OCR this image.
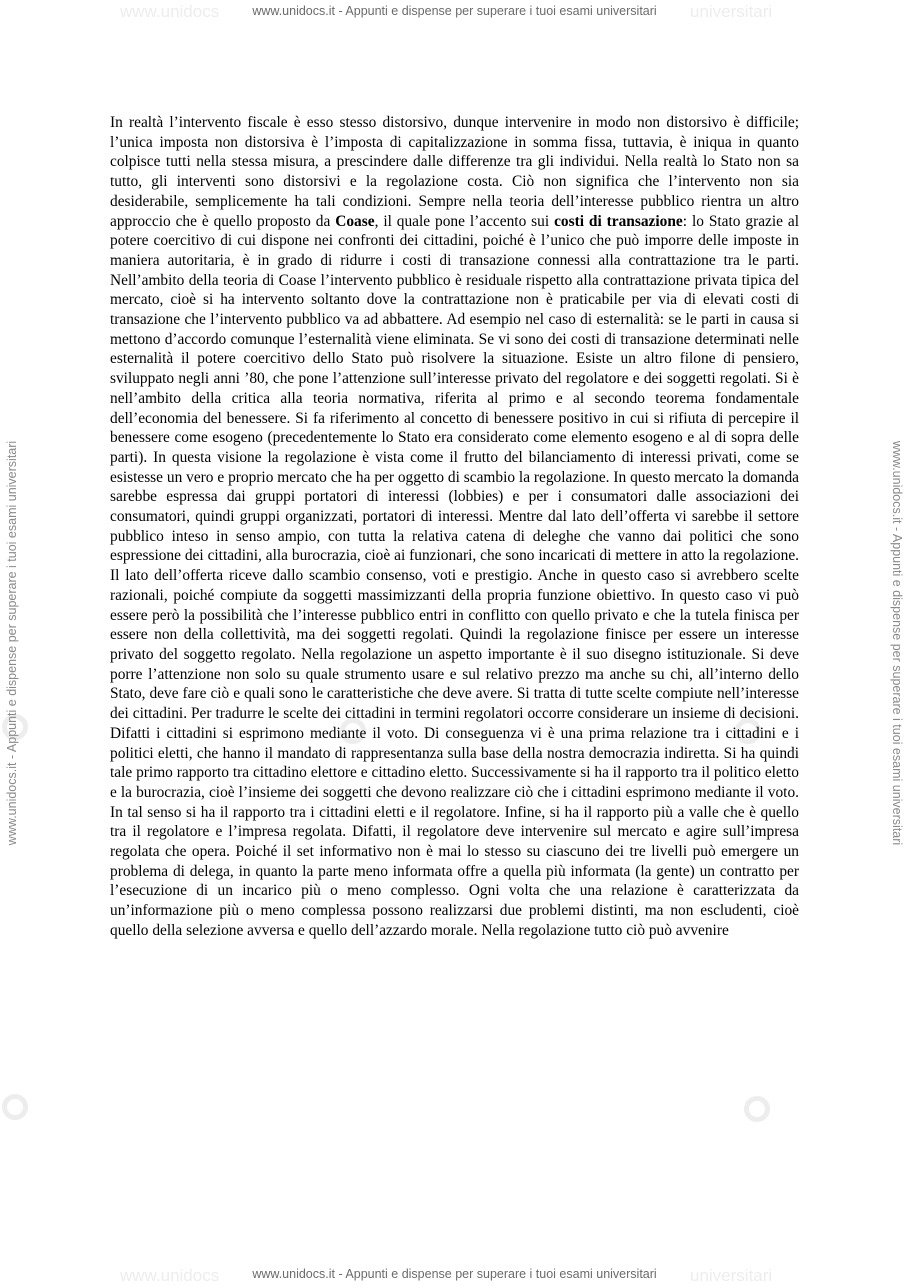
www.unidocs	universitari
www.unidocs	universitari
www.unidocs.it - Appunti e dispense per superare i tuoi esami universitari
www.unidocs.it - Appunti e dispense per superare i tuoi esami universitari
www.unidocs.it - Appunti e dispense per superare i tuoi esami universitari	www.unidocs.it - Appunti e dispense per superare i tuoi esami universitari

In realtà l’intervento fiscale è esso stesso distorsivo, dunque intervenire in modo non distorsivo è difficile; l’unica imposta non distorsiva è l’imposta di capitalizzazione in somma fissa, tuttavia, è iniqua in quanto colpisce tutti nella stessa misura, a prescindere dalle differenze tra gli individui. Nella realtà lo Stato non sa tutto, gli interventi sono distorsivi e la regolazione costa. Ciò non significa che l’intervento non sia desiderabile, semplicemente ha tali condizioni. Sempre nella teoria dell’interesse pubblico rientra un altro approccio che è quello proposto da Coase, il quale pone l’accento sui costi di transazione: lo Stato grazie al potere coercitivo di cui dispone nei confronti dei cittadini, poiché è l’unico che può imporre delle imposte in maniera autoritaria, è in grado di ridurre i costi di transazione connessi alla contrattazione tra le parti. Nell’ambito della teoria di Coase l’intervento pubblico è residuale rispetto alla contrattazione privata tipica del mercato, cioè si ha intervento soltanto dove la contrattazione non è praticabile per via di elevati costi di transazione che l’intervento pubblico va ad abbattere. Ad esempio nel caso di esternalità: se le parti in causa si mettono d’accordo comunque l’esternalità viene eliminata. Se vi sono dei costi di transazione determinati nelle esternalità il potere coercitivo dello Stato può risolvere la situazione. Esiste un altro filone di pensiero, sviluppato negli anni ’80, che pone l’attenzione sull’interesse privato del regolatore e dei soggetti regolati. Si è nell’ambito della critica alla teoria normativa, riferita al primo e al secondo teorema fondamentale dell’economia del benessere. Si fa riferimento al concetto di benessere positivo in cui si rifiuta di percepire il benessere come esogeno (precedentemente lo Stato era considerato come elemento esogeno e al di sopra delle parti). In questa visione la regolazione è vista come il frutto del bilanciamento di interessi privati, come se esistesse un vero e proprio mercato che ha per oggetto di scambio la regolazione. In questo mercato la domanda sarebbe espressa dai gruppi portatori di interessi (lobbies) e per i consumatori dalle associazioni dei consumatori, quindi gruppi organizzati, portatori di interessi. Mentre dal lato dell’offerta vi sarebbe il settore pubblico inteso in senso ampio, con tutta la relativa catena di deleghe che vanno dai politici che sono espressione dei cittadini, alla burocrazia, cioè ai funzionari, che sono incaricati di mettere in atto la regolazione. Il lato dell’offerta riceve dallo scambio consenso, voti e prestigio. Anche in questo caso si avrebbero scelte razionali, poiché compiute da soggetti massimizzanti della propria funzione obiettivo. In questo caso vi può essere però la possibilità che l’interesse pubblico entri in conflitto con quello privato e che la tutela finisca per essere non della collettività, ma dei soggetti regolati. Quindi la regolazione finisce per essere un interesse privato del soggetto regolato. Nella regolazione un aspetto importante è il suo disegno istituzionale. Si deve porre l’attenzione non solo su quale strumento usare e sul relativo prezzo ma anche su chi, all’interno dello Stato, deve fare ciò e quali sono le caratteristiche che deve avere. Si tratta di tutte scelte compiute nell’interesse dei cittadini. Per tradurre le scelte dei cittadini in termini regolatori occorre considerare un insieme di decisioni. Difatti i cittadini si esprimono mediante il voto. Di conseguenza vi è una prima relazione tra i cittadini e i politici eletti, che hanno il mandato di rappresentanza sulla base della nostra democrazia indiretta. Si ha quindi tale primo rapporto tra cittadino elettore e cittadino eletto. Successivamente si ha il rapporto tra il politico eletto e la burocrazia, cioè l’insieme dei soggetti che devono realizzare ciò che i cittadini esprimono mediante il voto. In tal senso si ha il rapporto tra i cittadini eletti e il regolatore. Infine, si ha il rapporto più a valle che è quello tra il regolatore e l’impresa regolata. Difatti, il regolatore deve intervenire sul mercato e agire sull’impresa regolata che opera. Poiché il set informativo non è mai lo stesso su ciascuno dei tre livelli può emergere un problema di delega, in quanto la parte meno informata offre a quella più informata (la gente) un contratto per l’esecuzione di un incarico più o meno complesso. Ogni volta che una relazione è caratterizzata da un’informazione più o meno complessa possono realizzarsi due problemi distinti, ma non escludenti, cioè quello della selezione avversa e quello dell’azzardo morale. Nella regolazione tutto ciò può avvenire
